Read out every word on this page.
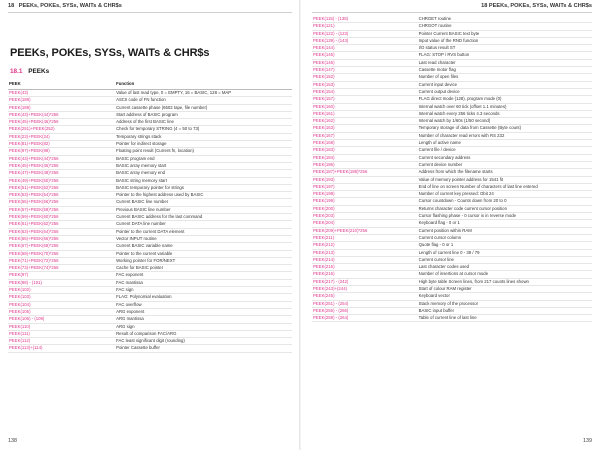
18 PEEKs, POKEs, SYSs, WAITs & CHR$s
PEEKs, POKEs, SYSs, WAITs & CHR$s
18.1 PEEKs
PEEK	Function
PEEK(43)	Value of last read type, 0 = EMPTY, 16 = BASIC, 128 = MAP
PEEK(188)	ASCII code of FN function
PEEK(189)	Current cassette phase (6502 tape, file number)
PEEK(43)+PEEK(44)*256	Start address of BASIC program
PEEK(45)+PEEK(46)*256	Address of the first BASIC line
PEEK(251)+PEEK(252)	Check for temporary STRING (4 = 50 to 73)
PEEK(23)+PEEK(24)	Temporary strings stack
PEEK(81)+PEEK(82)	Pointer for indirect storage
PEEK(97)+PEEK(98)	Floating point result (Current fn, location)
PEEK(43)+PEEK(44)*256	BASIC program end
PEEK(45)+PEEK(46)*256	BASIC array memory start
PEEK(47)+PEEK(48)*256	BASIC array memory end
PEEK(49)+PEEK(50)*256	BASIC string memory start
PEEK(51)+PEEK(52)*256	BASIC temporary pointer for strings
PEEK(53)+PEEK(54)*256	Pointer to the highest address used by BASIC
PEEK(55)+PEEK(56)*256	Current BASIC line number
PEEK(57)+PEEK(58)*256	Previous BASIC line number
PEEK(59)+PEEK(60)*256	Current BASIC address for the last command
PEEK(61)+PEEK(62)*256	Current DATA line number
PEEK(63)+PEEK(64)*256	Pointer to the current DATA element
PEEK(65)+PEEK(66)*256	Vector INPUT routine
PEEK(67)+PEEK(68)*256	Current BASIC variable name
PEEK(69)+PEEK(70)*256	Pointer to the current variable
PEEK(71)+PEEK(72)*256	Working pointer for FOR/NEXT
PEEK(73)+PEEK(74)*256	Cache for BASIC pointer
PEEK(97)	FAC exponent
PEEK(98) - (101)	FAC mantissa
PEEK(102)	FAC sign
PEEK(103)	FLAG: Polynomial evaluation
PEEK(104)	FAC overflow
PEEK(105)	ARG exponent
PEEK(106) - (109)	ARG mantissa
PEEK(110)	ARG sign
PEEK(111)	Result of comparison FAC/ARG
PEEK(112)	FAC least significant digit (rounding)
PEEK(113)+(114)	Pointer Cassette buffer
138
18 PEEKs, POKEs, SYSs, WAITs & CHR$s
PEEK(115) - (138)	CHRGET routine
PEEK(121)	CHRGOT routine
PEEK(122) - (123)	Pointer Current BASIC text byte
PEEK(139) - (143)	Input value of the RND function
PEEK(144)	I/O status result ST
PEEK(145)	FLAG: STOP / RVS button
PEEK(146)	Last read character
PEEK(147)	Cassette motor flag
PEEK(152)	Number of open files
PEEK(153)	Current input device
PEEK(154)	Current output device
PEEK(157)	FLAG direct mode (128), program mode (0)
PEEK(160)	Internal watch over 60 tick (offset 1.1 minutes)
PEEK(161)	Internal watch every 256 ticks 4.3 seconds
PEEK(162)	Internal watch by 1/60s (1/50 second)
PEEK(163)	Temporary storage of data from Cassette (Byte count)
PEEK(167)	Number of character read errors with RS 232
PEEK(168)	Length of active name
PEEK(183)	Current file / device
PEEK(184)	Current secondary address
PEEK(186)	Current device number
PEEK(187)+PEEK(188)*256	Address from which the filename starts
PEEK(193)	Value of memory pointer address for 1541 fit
PEEK(197)	End of line on screen Number of characters of last line entered
PEEK(198)	Number of current key pressed: Obit 24
PEEK(199)	Cursor countdown - Counts down from 20 to 0
PEEK(200)	Returns character code current cursor position
PEEK(203)	Cursor flashing phase - 0 cursor is in reverse mode
PEEK(204)	Keyboard flag - 0 or 1
PEEK(209)+PEEK(210)*256	Current position within RAM
PEEK(211)	Current cursor column
PEEK(212)	Quote flag - 0 or 1
PEEK(213)	Length of current line 0 - 39 / 79
PEEK(214)	Current cursor line
PEEK(215)	Last character codes used
PEEK(216)	Number of insertions at cursor mode
PEEK(217) - (242)	High byte table Screen lines, from 217 counts lines shown
PEEK(243)+(244)	Start of colour RAM register
PEEK(245)	Keyboard vector
PEEK(251) - (254)	Stack memory of the processor
PEEK(255) - (266)	BASIC input buffer
PEEK(259) - (264)	Table of current line of last line
139
